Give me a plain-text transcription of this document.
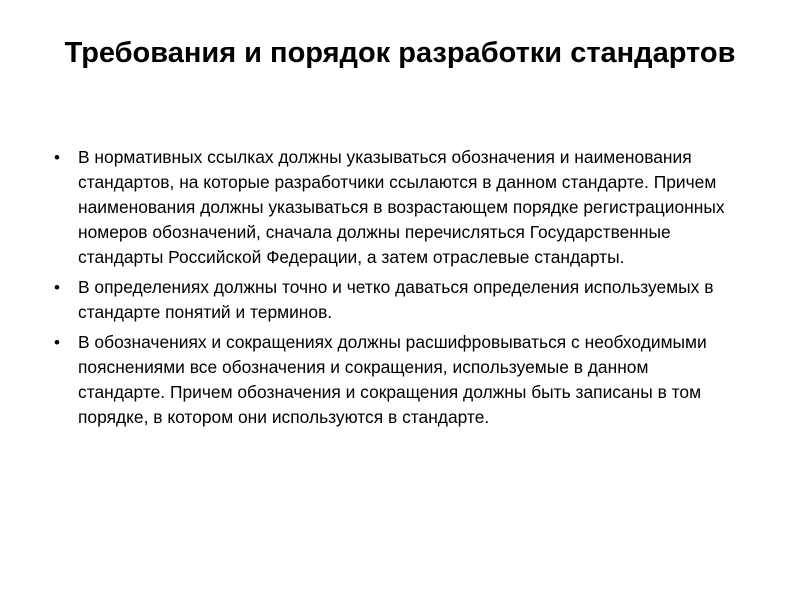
Требования и порядок разработки стандартов
• В нормативных ссылках должны указываться обозначения и наименования стандартов, на которые разработчики ссылаются в данном стандарте. Причем наименования должны указываться в возрастающем порядке регистрационных номеров обозначений, сначала должны перечисляться Государственные стандарты Российской Федерации, а затем отраслевые стандарты.
• В определениях должны точно и четко даваться определения используемых в стандарте понятий и терминов.
• В обозначениях и сокращениях должны расшифровываться с необходимыми пояснениями все обозначения и сокращения, используемые в данном стандарте. Причем обозначения и сокращения должны быть записаны в том порядке, в котором они используются в стандарте.
